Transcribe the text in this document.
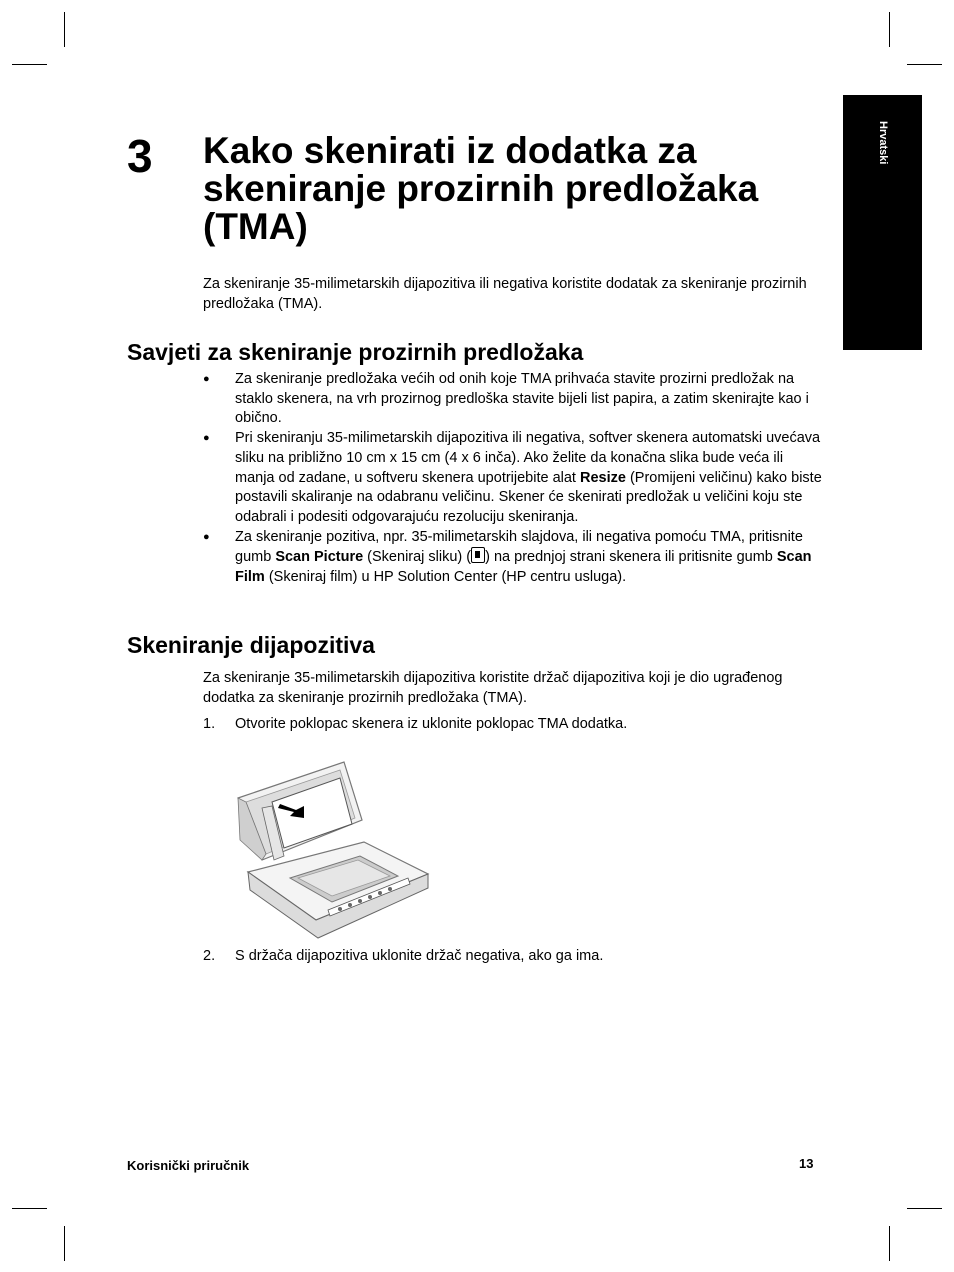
Hrvatski
3 Kako skenirati iz dodatka za skeniranje prozirnih predložaka (TMA)

Za skeniranje 35-milimetarskih dijapozitiva ili negativa koristite dodatak za skeniranje prozirnih predložaka (TMA).

Savjeti za skeniranje prozirnih predložaka
● Za skeniranje predložaka većih od onih koje TMA prihvaća stavite prozirni predložak na staklo skenera, na vrh prozirnog predloška stavite bijeli list papira, a zatim skenirajte kao i obično.
● Pri skeniranju 35-milimetarskih dijapozitiva ili negativa, softver skenera automatski uvećava sliku na približno 10 cm x 15 cm (4 x 6 inča). Ako želite da konačna slika bude veća ili manja od zadane, u softveru skenera upotrijebite alat Resize (Promijeni veličinu) kako biste postavili skaliranje na odabranu veličinu. Skener će skenirati predložak u veličini koju ste odabrali i podesiti odgovarajuću rezoluciju skeniranja.
● Za skeniranje pozitiva, npr. 35-milimetarskih slajdova, ili negativa pomoću TMA, pritisnite gumb Scan Picture (Skeniraj sliku) ( ) na prednjoj strani skenera ili pritisnite gumb Scan Film (Skeniraj film) u HP Solution Center (HP centru usluga).
Skeniranje dijapozitiva

Za skeniranje 35-milimetarskih dijapozitiva koristite držač dijapozitiva koji je dio ugrađenog dodatka za skeniranje prozirnih predložaka (TMA).

1. Otvorite poklopac skenera iz uklonite poklopac TMA dodatka.
2. S držača dijapozitiva uklonite držač negativa, ako ga ima.
Korisnički priručnik	13
